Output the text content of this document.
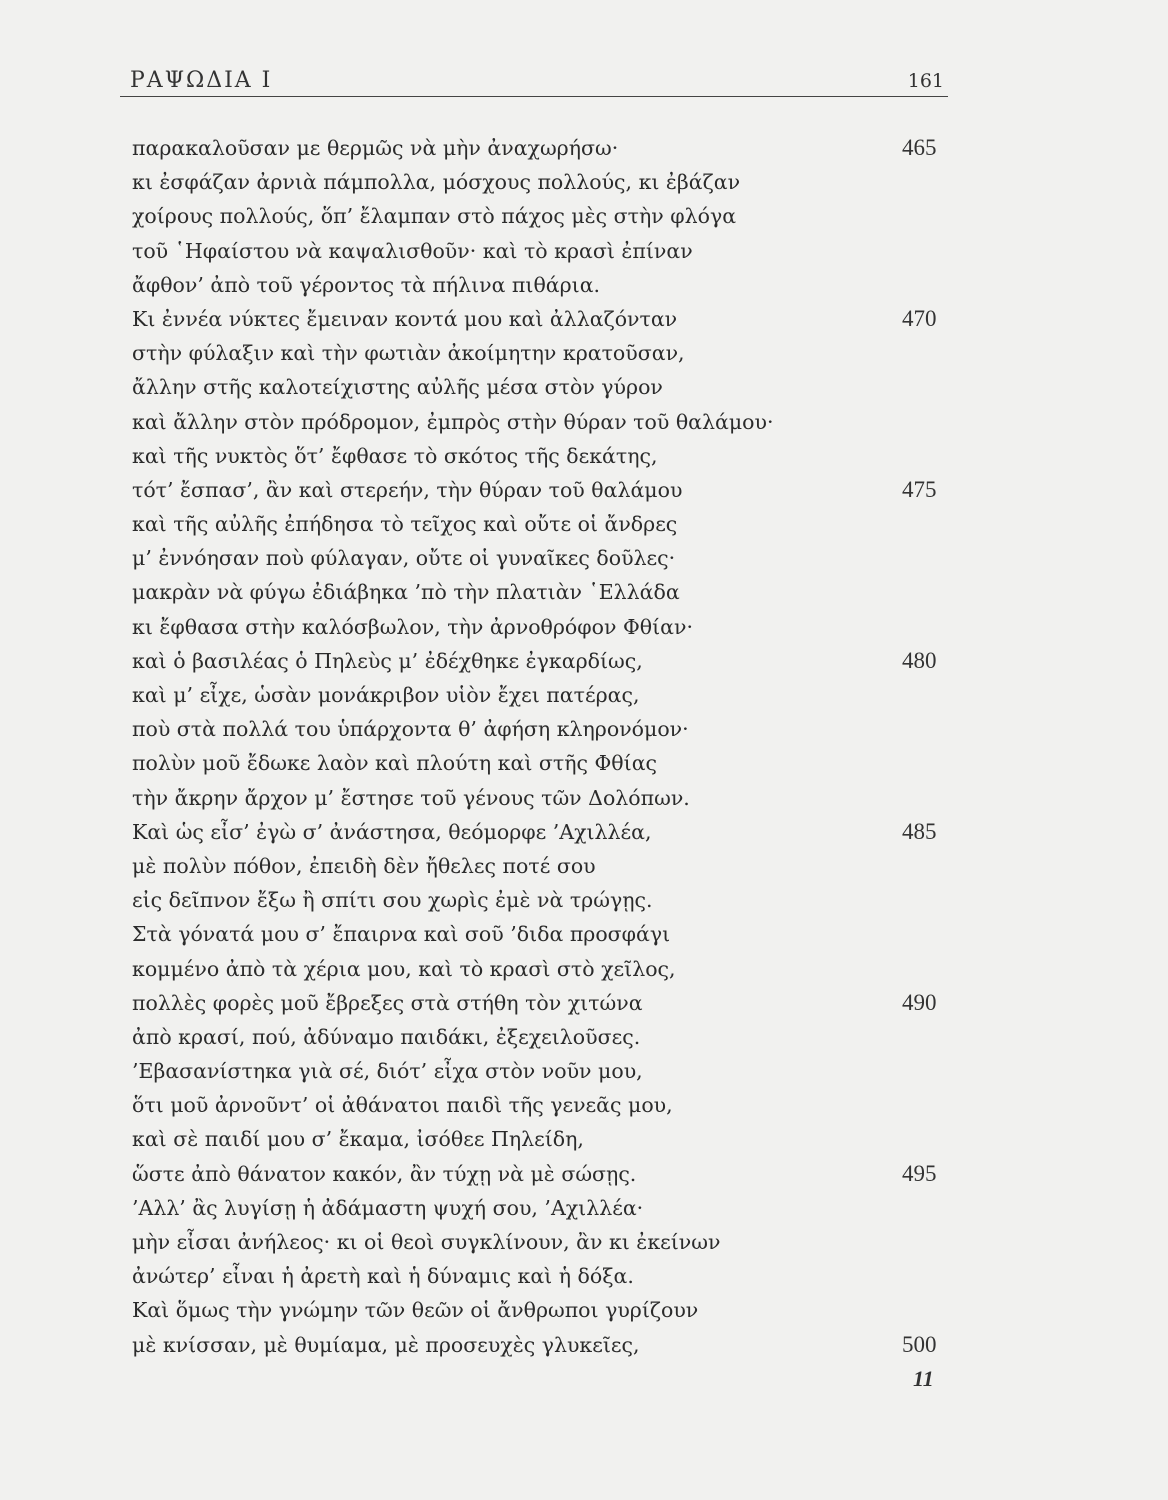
ΡΑΨΩΔΙΑ Ι	161
παρακαλοῦσαν με θερμῶς νὰ μὴν ἀναχωρήσω·	465
κι ἐσφάζαν ἀρνιὰ πάμπολλα, μόσχους πολλούς, κι ἐβάζαν
χοίρους πολλούς, ὅπ’ ἔλαμπαν στὸ πάχος μὲς στὴν φλόγα
τοῦ ῾Ηφαίστου νὰ καψαλισθοῦν· καὶ τὸ κρασὶ ἐπίναν
ἄφθον’ ἀπὸ τοῦ γέροντος τὰ πήλινα πιθάρια.
Κι ἐννέα νύκτες ἔμειναν κοντά μου καὶ ἀλλαζόνταν	470
στὴν φύλαξιν καὶ τὴν φωτιὰν ἀκοίμητην κρατοῦσαν,
ἄλλην στῆς καλοτείχιστης αὐλῆς μέσα στὸν γύρον
καὶ ἄλλην στὸν πρόδρομον, ἐμπρὸς στὴν θύραν τοῦ θαλάμου·
καὶ τῆς νυκτὸς ὅτ’ ἔφθασε τὸ σκότος τῆς δεκάτης,
τότ’ ἔσπασ’, ἂν καὶ στερεήν, τὴν θύραν τοῦ θαλάμου	475
καὶ τῆς αὐλῆς ἐπήδησα τὸ τεῖχος καὶ οὔτε οἱ ἄνδρες
μ’ ἐννόησαν ποὺ φύλαγαν, οὔτε οἱ γυναῖκες δοῦλες·
μακρὰν νὰ φύγω ἐδιάβηκα ’πὸ τὴν πλατιὰν ῾Ελλάδα
κι ἔφθασα στὴν καλόσβωλον, τὴν ἀρνοθρόφον Φθίαν·
καὶ ὁ βασιλέας ὁ Πηλεὺς μ’ ἐδέχθηκε ἐγκαρδίως,	480
καὶ μ’ εἶχε, ὡσὰν μονάκριβον υἱὸν ἔχει πατέρας,
ποὺ στὰ πολλά του ὑπάρχοντα θ’ ἀφήση κληρονόμον·
πολὺν μοῦ ἔδωκε λαὸν καὶ πλούτη καὶ στῆς Φθίας
τὴν ἄκρην ἄρχον μ’ ἔστησε τοῦ γένους τῶν Δολόπων.
Καὶ ὡς εἶσ’ ἐγὼ σ’ ἀνάστησα, θεόμορφε ’Αχιλλέα,	485
μὲ πολὺν πόθον, ἐπειδὴ δὲν ἤθελες ποτέ σου
εἰς δεῖπνον ἔξω ἢ σπίτι σου χωρὶς ἐμὲ νὰ τρώγῃς.
Στὰ γόνατά μου σ’ ἔπαιρνα καὶ σοῦ ’διδα προσφάγι
κομμένο ἀπὸ τὰ χέρια μου, καὶ τὸ κρασὶ στὸ χεῖλος,
πολλὲς φορὲς μοῦ ἔβρεξες στὰ στήθη τὸν χιτώνα	490
ἀπὸ κρασί, πού, ἀδύναμο παιδάκι, ἐξεχειλοῦσες.
’Εβασανίστηκα γιὰ σέ, διότ’ εἶχα στὸν νοῦν μου,
ὅτι μοῦ ἀρνοῦντ’ οἱ ἀθάνατοι παιδὶ τῆς γενεᾶς μου,
καὶ σὲ παιδί μου σ’ ἔκαμα, ἰσόθεε Πηλείδη,
ὥστε ἀπὸ θάνατον κακόν, ἂν τύχῃ νὰ μὲ σώσῃς.	495
’Αλλ’ ἂς λυγίσῃ ἡ ἀδάμαστη ψυχή σου, ’Αχιλλέα·
μὴν εἶσαι ἀνήλεος· κι οἱ θεοὶ συγκλίνουν, ἂν κι ἐκείνων
ἀνώτερ’ εἶναι ἡ ἀρετὴ καὶ ἡ δύναμις καὶ ἡ δόξα.
Καὶ ὅμως τὴν γνώμην τῶν θεῶν οἱ ἄνθρωποι γυρίζουν
μὲ κνίσσαν, μὲ θυμίαμα, μὲ προσευχὲς γλυκεῖες,	500
11
